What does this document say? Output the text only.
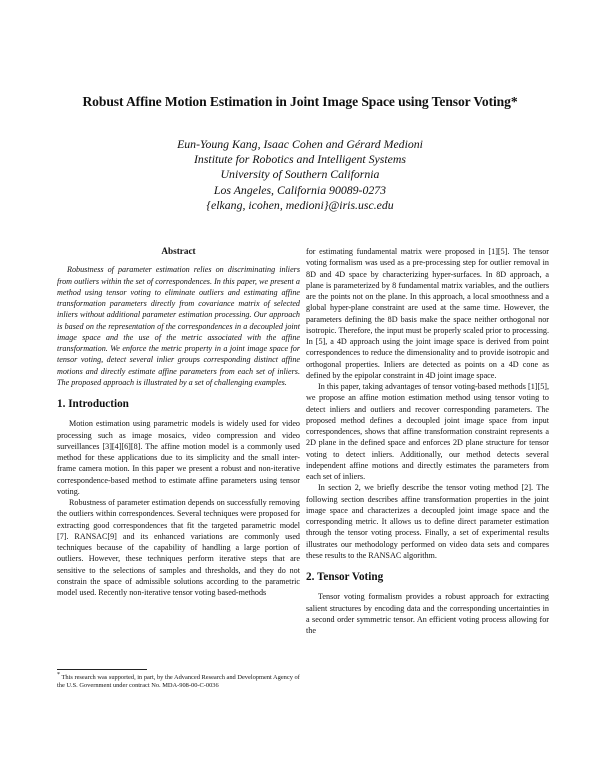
Robust Affine Motion Estimation in Joint Image Space using Tensor Voting*
Eun-Young Kang, Isaac Cohen and Gérard Medioni
Institute for Robotics and Intelligent Systems
University of Southern California
Los Angeles, California 90089-0273
{elkang, icohen, medioni}@iris.usc.edu
Abstract

Robustness of parameter estimation relies on discriminating inliers from outliers within the set of correspondences. In this paper, we present a method using tensor voting to eliminate outliers and estimating affine transformation parameters directly from covariance matrix of selected inliers without additional parameter estimation processing. Our approach is based on the representation of the correspondences in a decoupled joint image space and the use of the metric associated with the affine transformation. We enforce the metric property in a joint image space for tensor voting, detect several inlier groups corresponding distinct affine motions and directly estimate affine parameters from each set of inliers. The proposed approach is illustrated by a set of challenging examples.

1. Introduction

Motion estimation using parametric models is widely used for video processing such as image mosaics, video compression and video surveillances [3][4][6][8]. The affine motion model is a commonly used method for these applications due to its simplicity and the small inter-frame camera motion. In this paper we present a robust and non-iterative correspondence-based method to estimate affine parameters using tensor voting.

Robustness of parameter estimation depends on successfully removing the outliers within correspondences. Several techniques were proposed for extracting good correspondences that fit the targeted parametric model [7]. RANSAC[9] and its enhanced variations are commonly used techniques because of the capability of handling a large portion of outliers. However, these techniques perform iterative steps that are sensitive to the selections of samples and thresholds, and they do not constrain the space of admissible solutions according to the parametric model used. Recently non-iterative tensor voting based-methods

for estimating fundamental matrix were proposed in [1][5]. The tensor voting formalism was used as a pre-processing step for outlier removal in 8D and 4D space by characterizing hyper-surfaces. In 8D approach, a plane is parameterized by 8 fundamental matrix variables, and the outliers are the points not on the plane. In this approach, a local smoothness and a global hyper-plane constraint are used at the same time. However, the parameters defining the 8D basis make the space neither orthogonal nor isotropic. Therefore, the input must be properly scaled prior to processing. In [5], a 4D approach using the joint image space is derived from point correspondences to reduce the dimensionality and to provide isotropic and orthogonal properties. Inliers are detected as points on a 4D cone as defined by the epipolar constraint in 4D joint image space.

In this paper, taking advantages of tensor voting-based methods [1][5], we propose an affine motion estimation method using tensor voting to detect inliers and outliers and recover corresponding parameters. The proposed method defines a decoupled joint image space from input correspondences, shows that affine transformation constraint represents a 2D plane in the defined space and enforces 2D plane structure for tensor voting to detect inliers. Additionally, our method detects several independent affine motions and directly estimates the parameters from each set of inliers.

In section 2, we briefly describe the tensor voting method [2]. The following section describes affine transformation properties in the joint image space and characterizes a decoupled joint image space and the corresponding metric. It allows us to define direct parameter estimation through the tensor voting process. Finally, a set of experimental results illustrates our methodology performed on video data sets and compares these results to the RANSAC algorithm.

2. Tensor Voting

Tensor voting formalism provides a robust approach for extracting salient structures by encoding data and the corresponding uncertainties in a second order symmetric tensor. An efficient voting process allowing for the

* This research was supported, in part, by the Advanced Research and Development Agency of the U.S. Government under contract No. MDA-908-00-C-0036
